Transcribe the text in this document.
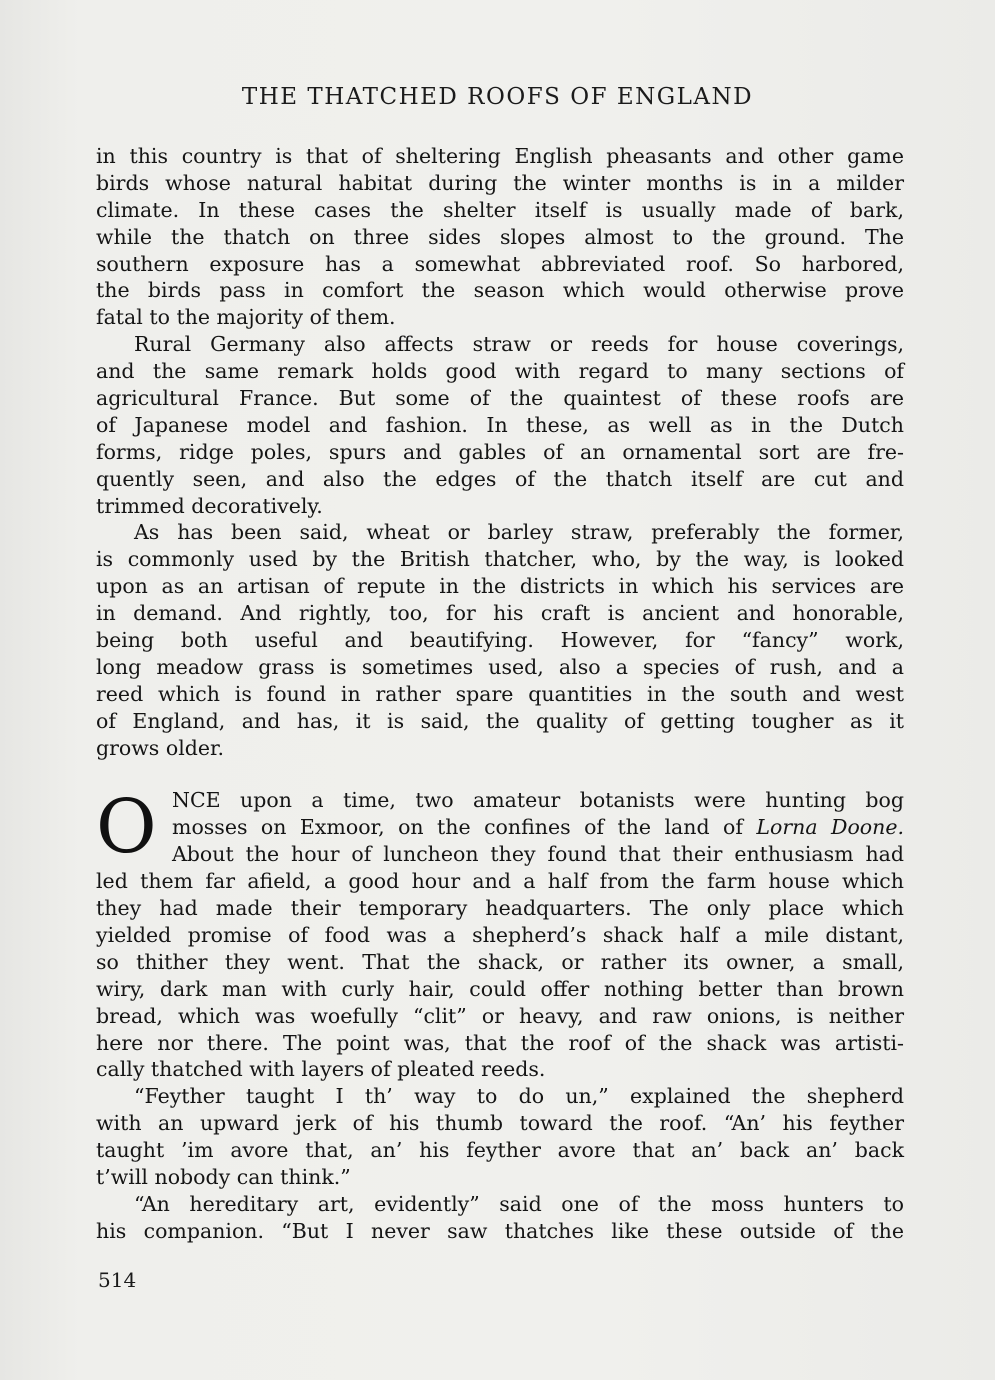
THE THATCHED ROOFS OF ENGLAND
in this country is that of sheltering English pheasants and other game
birds whose natural habitat during the winter months is in a milder
climate. In these cases the shelter itself is usually made of bark,
while the thatch on three sides slopes almost to the ground. The
southern exposure has a somewhat abbreviated roof. So harbored,
the birds pass in comfort the season which would otherwise prove
fatal to the majority of them.
Rural Germany also affects straw or reeds for house coverings,
and the same remark holds good with regard to many sections of
agricultural France. But some of the quaintest of these roofs are
of Japanese model and fashion. In these, as well as in the Dutch
forms, ridge poles, spurs and gables of an ornamental sort are fre-
quently seen, and also the edges of the thatch itself are cut and
trimmed decoratively.
As has been said, wheat or barley straw, preferably the former,
is commonly used by the British thatcher, who, by the way, is looked
upon as an artisan of repute in the districts in which his services are
in demand. And rightly, too, for his craft is ancient and honorable,
being both useful and beautifying. However, for “fancy” work,
long meadow grass is sometimes used, also a species of rush, and a
reed which is found in rather spare quantities in the south and west
of England, and has, it is said, the quality of getting tougher as it
grows older.
NCE upon a time, two amateur botanists were hunting bog
mosses on Exmoor, on the confines of the land of Lorna Doone.
About the hour of luncheon they found that their enthusiasm had
led them far afield, a good hour and a half from the farm house which
they had made their temporary headquarters. The only place which
yielded promise of food was a shepherd’s shack half a mile distant,
so thither they went. That the shack, or rather its owner, a small,
wiry, dark man with curly hair, could offer nothing better than brown
bread, which was woefully “clit” or heavy, and raw onions, is neither
here nor there. The point was, that the roof of the shack was artisti-
cally thatched with layers of pleated reeds.
“Feyther taught I th’ way to do un,” explained the shepherd
with an upward jerk of his thumb toward the roof. “An’ his feyther
taught ’im avore that, an’ his feyther avore that an’ back an’ back
t’will nobody can think.”
“An hereditary art, evidently” said one of the moss hunters to
his companion. “But I never saw thatches like these outside of the
O
514
